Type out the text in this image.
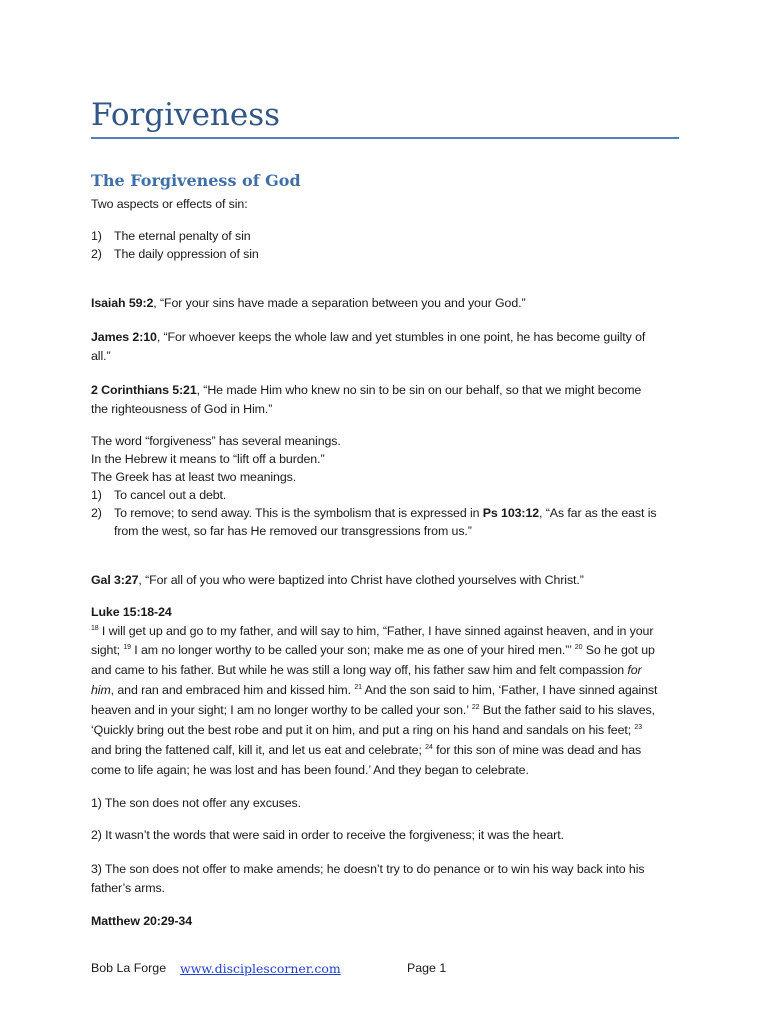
Forgiveness
The Forgiveness of God
Two aspects or effects of sin:
1) The eternal penalty of sin
2) The daily oppression of sin
Isaiah 59:2, “For your sins have made a separation between you and your God.”
James 2:10, “For whoever keeps the whole law and yet stumbles in one point, he has become guilty of
all.”
2 Corinthians 5:21, “He made Him who knew no sin to be sin on our behalf, so that we might become
the righteousness of God in Him.”
The word “forgiveness” has several meanings.
In the Hebrew it means to “lift off a burden.”
The Greek has at least two meanings.
1) To cancel out a debt.
2) To remove; to send away. This is the symbolism that is expressed in Ps 103:12, “As far as the east is
from the west, so far has He removed our transgressions from us.”
Gal 3:27, “For all of you who were baptized into Christ have clothed yourselves with Christ.”
Luke 15:18-24
$^{18}$ I will get up and go to my father, and will say to him, “Father, I have sinned against heaven, and in your
sight; $^{19}$ I am no longer worthy to be called your son; make me as one of your hired men.”’ $^{20}$ So he got up
and came to his father. But while he was still a long way off, his father saw him and felt compassion for
him, and ran and embraced him and kissed him. $^{21}$ And the son said to him, ‘Father, I have sinned against
heaven and in your sight; I am no longer worthy to be called your son.’ $^{22}$ But the father said to his slaves,
‘Quickly bring out the best robe and put it on him, and put a ring on his hand and sandals on his feet; $^{23}$
and bring the fattened calf, kill it, and let us eat and celebrate; $^{24}$ for this son of mine was dead and has
come to life again; he was lost and has been found.’ And they began to celebrate.
1) The son does not offer any excuses.
2) It wasn’t the words that were said in order to receive the forgiveness; it was the heart.
3) The son does not offer to make amends; he doesn’t try to do penance or to win his way back into his
father’s arms.
Matthew 20:29-34
Bob La Forge www.disciplescorner.com	Page 1
